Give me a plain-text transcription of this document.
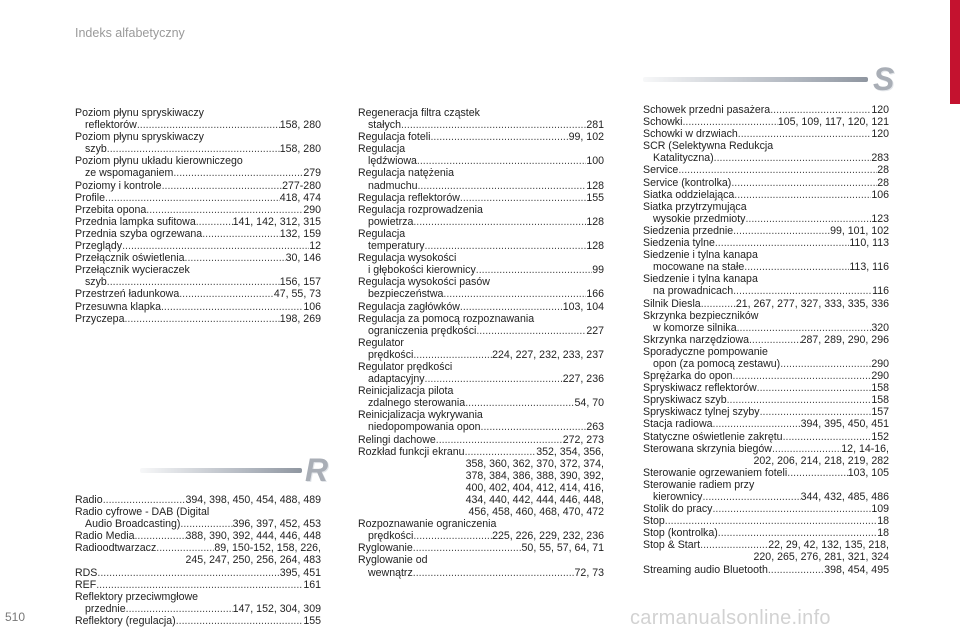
Indeks alfabetyczny
Poziom płynu spryskiwaczy
reflektorów .....	158, 280
Poziom płynu spryskiwaczy
szyb .....	158, 280
Poziom płynu układu kierowniczego
ze wspomaganiem .....	279
Poziomy i kontrole .....	277-280
Profile .....	418, 474
Przebita opona .....	290
Przednia lampka sufitowa .....	141, 142, 312, 315
Przednia szyba ogrzewana .....	132, 159
Przeglądy .....	12
Przełącznik oświetlenia .....	30, 146
Przełącznik wycieraczek
szyb .....	156, 157
Przestrzeń ładunkowa .....	47, 55, 73
Przesuwna klapka .....	106
Przyczepa .....	198, 269
R
Radio .....	394, 398, 450, 454, 488, 489
Radio cyfrowe - DAB (Digital
Audio Broadcasting) .....	396, 397, 452, 453
Radio Media .....	388, 390, 392, 444, 446, 448
Radioodtwarzacz .....	89, 150-152, 158, 226,
245, 247, 250, 256, 264, 483
RDS .....	395, 451
REF .....	161
Reflektory przeciwmgłowe
przednie .....	147, 152, 304, 309
Reflektory (regulacja) .....	155
Regeneracja filtra cząstek
stałych .....	281
Regulacja foteli .....	99, 102
Regulacja
lędźwiowa .....	100
Regulacja natężenia
nadmuchu .....	128
Regulacja reflektorów .....	155
Regulacja rozprowadzenia
powietrza .....	128
Regulacja
temperatury .....	128
Regulacja wysokości
i głębokości kierownicy .....	99
Regulacja wysokości pasów
bezpieczeństwa .....	166
Regulacja zagłówków .....	103, 104
Regulacja za pomocą rozpoznawania
ograniczenia prędkości .....	227
Regulator
prędkości .....	224, 227, 232, 233, 237
Regulator prędkości
adaptacyjny .....	227, 236
Reinicjalizacja pilota
zdalnego sterowania .....	54, 70
Reinicjalizacja wykrywania
niedopompowania opon .....	263
Relingi dachowe .....	272, 273
Rozkład funkcji ekranu .....	352, 354, 356,
358, 360, 362, 370, 372, 374,
378, 384, 386, 388, 390, 392,
400, 402, 404, 412, 414, 416,
434, 440, 442, 444, 446, 448,
456, 458, 460, 468, 470, 472
Rozpoznawanie ograniczenia
prędkości .....	225, 226, 229, 232, 236
Ryglowanie .....	50, 55, 57, 64, 71
Ryglowanie od
wewnątrz .....	72, 73
S
Schowek przedni pasażera .....	120
Schowki .....	105, 109, 117, 120, 121
Schowki w drzwiach .....	120
SCR (Selektywna Redukcja
Katalityczna) .....	283
Service .....	28
Service (kontrolka) .....	28
Siatka oddzielająca .....	106
Siatka przytrzymująca
wysokie przedmioty .....	123
Siedzenia przednie .....	99, 101, 102
Siedzenia tylne .....	110, 113
Siedzenie i tylna kanapa
mocowane na stałe .....	113, 116
Siedzenie i tylna kanapa
na prowadnicach .....	116
Silnik Diesla .....	21, 267, 277, 327, 333, 335, 336
Skrzynka bezpieczników
w komorze silnika .....	320
Skrzynka narzędziowa .....	287, 289, 290, 296
Sporadyczne pompowanie
opon (za pomocą zestawu) .....	290
Sprężarka do opon .....	290
Spryskiwacz reflektorów .....	158
Spryskiwacz szyb .....	158
Spryskiwacz tylnej szyby .....	157
Stacja radiowa .....	394, 395, 450, 451
Statyczne oświetlenie zakrętu .....	152
Sterowana skrzynia biegów .....	12, 14-16,
202, 206, 214, 218, 219, 282
Sterowanie ogrzewaniem foteli .....	103, 105
Sterowanie radiem przy
kierownicy .....	344, 432, 485, 486
Stolik do pracy .....	109
Stop .....	18
Stop (kontrolka) .....	18
Stop & Start .....	22, 29, 42, 132, 135, 218,
220, 265, 276, 281, 321, 324
Streaming audio Bluetooth .....	398, 454, 495
510	carmanualsonline.info
